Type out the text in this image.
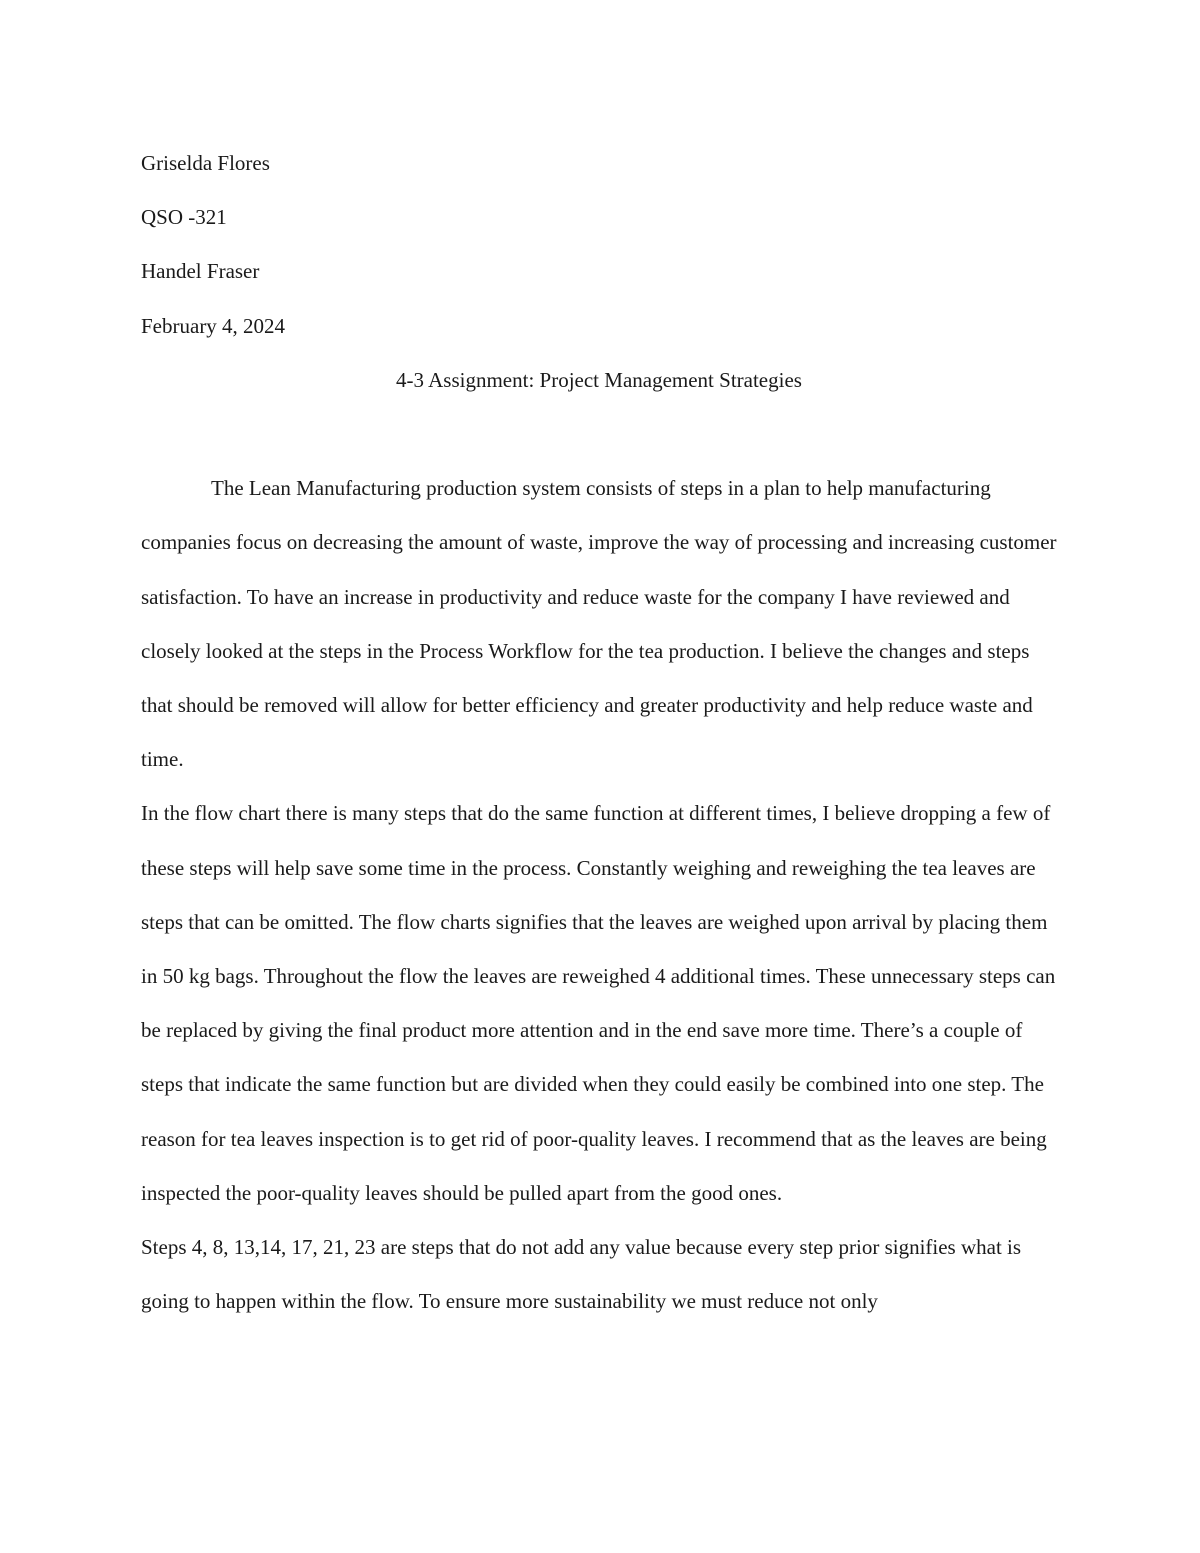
Griselda Flores

QSO -321

Handel Fraser

February 4, 2024

4-3 Assignment: Project Management Strategies

The Lean Manufacturing production system consists of steps in a plan to help manufacturing companies focus on decreasing the amount of waste, improve the way of processing and increasing customer satisfaction. To have an increase in productivity and reduce waste for the company I have reviewed and closely looked at the steps in the Process Workflow for the tea production. I believe the changes and steps that should be removed will allow for better efficiency and greater productivity and help reduce waste and time.

In the flow chart there is many steps that do the same function at different times, I believe dropping a few of these steps will help save some time in the process. Constantly weighing and reweighing the tea leaves are steps that can be omitted. The flow charts signifies that the leaves are weighed upon arrival by placing them in 50 kg bags. Throughout the flow the leaves are reweighed 4 additional times. These unnecessary steps can be replaced by giving the final product more attention and in the end save more time. There’s a couple of steps that indicate the same function but are divided when they could easily be combined into one step. The reason for tea leaves inspection is to get rid of poor-quality leaves. I recommend that as the leaves are being inspected the poor-quality leaves should be pulled apart from the good ones.

Steps 4, 8, 13,14, 17, 21, 23 are steps that do not add any value because every step prior signifies what is going to happen within the flow. To ensure more sustainability we must reduce not only
